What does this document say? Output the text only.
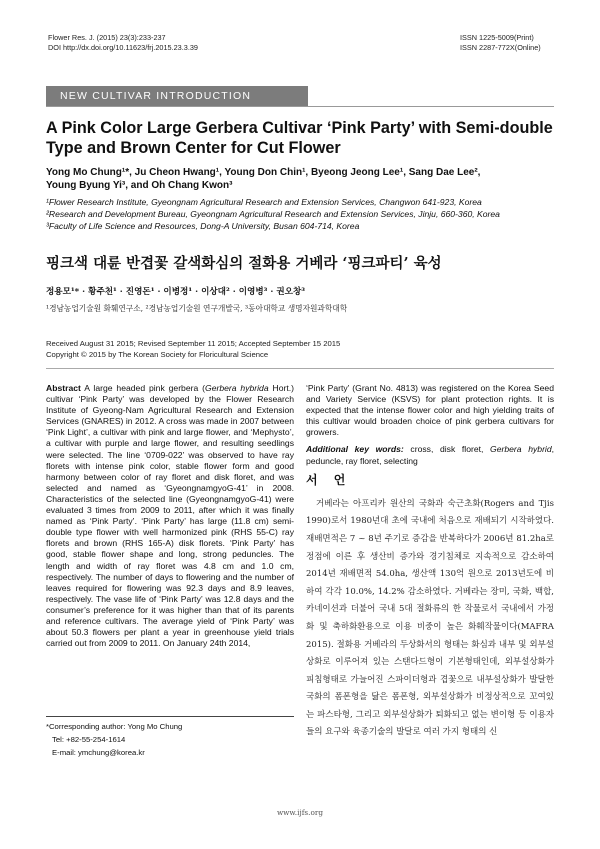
Flower Res. J. (2015) 23(3):233-237
DOI http://dx.doi.org/10.11623/frj.2015.23.3.39
ISSN 1225-5009(Print)
ISSN 2287-772X(Online)
NEW CULTIVAR INTRODUCTION
A Pink Color Large Gerbera Cultivar ‘Pink Party’ with Semi-double Type and Brown Center for Cut Flower
Yong Mo Chung¹*, Ju Cheon Hwang¹, Young Don Chin¹, Byeong Jeong Lee¹, Sang Dae Lee²,
Young Byung Yi³, and Oh Chang Kwon³
¹Flower Research Institute, Gyeongnam Agricultural Research and Extension Services, Changwon 641-923, Korea
²Research and Development Bureau, Gyeongnam Agricultural Research and Extension Services, Jinju, 660-360, Korea
³Faculty of Life Science and Resources, Dong-A University, Busan 604-714, Korea
핑크색 대륜 반겹꽃 갈색화심의 절화용 거베라 ‘핑크파티’ 육성
정용모¹* · 황주천¹ · 진영돈¹ · 이병정¹ · 이상대² · 이영병³ · 권오창³
¹경남농업기술원 화훼연구소, ²경남농업기술원 연구개발국, ³동아대학교 생명자원과학대학
Received August 31 2015; Revised September 11 2015; Accepted September 15 2015
Copyright © 2015 by The Korean Society for Floricultural Science
Abstract A large headed pink gerbera (Gerbera hybrida Hort.) cultivar ‘Pink Party’ was developed by the Flower Research Institute of Gyeong-Nam Agricultural Research and Extension Services (GNARES) in 2012. A cross was made in 2007 between ‘Pink Light’, a cultivar with pink and large flower, and ‘Mephysto’, a cultivar with purple and large flower, and resulting seedlings were selected. The line ‘0709-022’ was observed to have ray florets with intense pink color, stable flower form and good harmony between color of ray floret and disk floret, and was selected and named as ‘GyeongnamgyoG-41’ in 2008. Characteristics of the selected line (GyeongnamgyoG-41) were evaluated 3 times from 2009 to 2011, after which it was finally named as ‘Pink Party’. ‘Pink Party’ has large (11.8 cm) semi-double type flower with well harmonized pink (RHS 55-C) ray florets and brown (RHS 165-A) disk florets. ‘Pink Party’ has good, stable flower shape and long, strong peduncles. The length and width of ray floret was 4.8 cm and 1.0 cm, respectively. The number of days to flowering and the number of leaves required for flowering was 92.3 days and 8.9 leaves, respectively. The vase life of ‘Pink Party’ was 12.8 days and the consumer’s preference for it was higher than that of its parents and reference cultivars. The average yield of ‘Pink Party’ was about 50.3 flowers per plant a year in greenhouse yield trials carried out from 2009 to 2011. On January 24th 2014,

‘Pink Party’ (Grant No. 4813) was registered on the Korea Seed and Variety Service (KSVS) for plant protection rights. It is expected that the intense flower color and high yielding traits of this cultivar would broaden choice of pink gerbera cultivars for growers.

Additional key words: cross, disk floret, Gerbera hybrid, peduncle, ray floret, selecting

서 언
거베라는 아프리카 원산의 국화과 숙근초화(Rogers and Tjis 1990)로서 1980년대 초에 국내에 처음으로 재배되기 시작하였다. 재배면적은 7 ~ 8년 주기로 증감을 반복하다가 2006년 81.2ha로 정점에 이른 후 생산비 증가와 경기침체로 지속적으로 감소하여 2014년 재배면적 54.0ha, 생산액 130억 원으로 2013년도에 비하여 각각 10.0%, 14.2% 감소하였다. 거베라는 장미, 국화, 백합, 카네이션과 더불어 국내 5대 절화류의 한 작물로서 국내에서 가정화 및 축하화환용으로 이용 비중이 높은 화훼작물이다(MAFRA 2015). 절화용 거베라의 두상화서의 형태는 화심과 내부 및 외부설상화로 이루어져 있는 스탠다드형이 기본형태인데, 외부설상화가 피침형태로 가늘어진 스파이더형과 겹꽃으로 내부설상화가 발달한 국화의 폼폰형을 닮은 폼폰형, 외부설상화가 비정상적으로 꼬여있는 파스타형, 그리고 외부설상화가 퇴화되고 없는 변이형 등 이용자들의 요구와 육종기술의 발달로 여러 가지 형태의 신
*Corresponding author: Yong Mo Chung
Tel: +82-55-254-1614
E-mail: ymchung@korea.kr
www.ijfs.org
